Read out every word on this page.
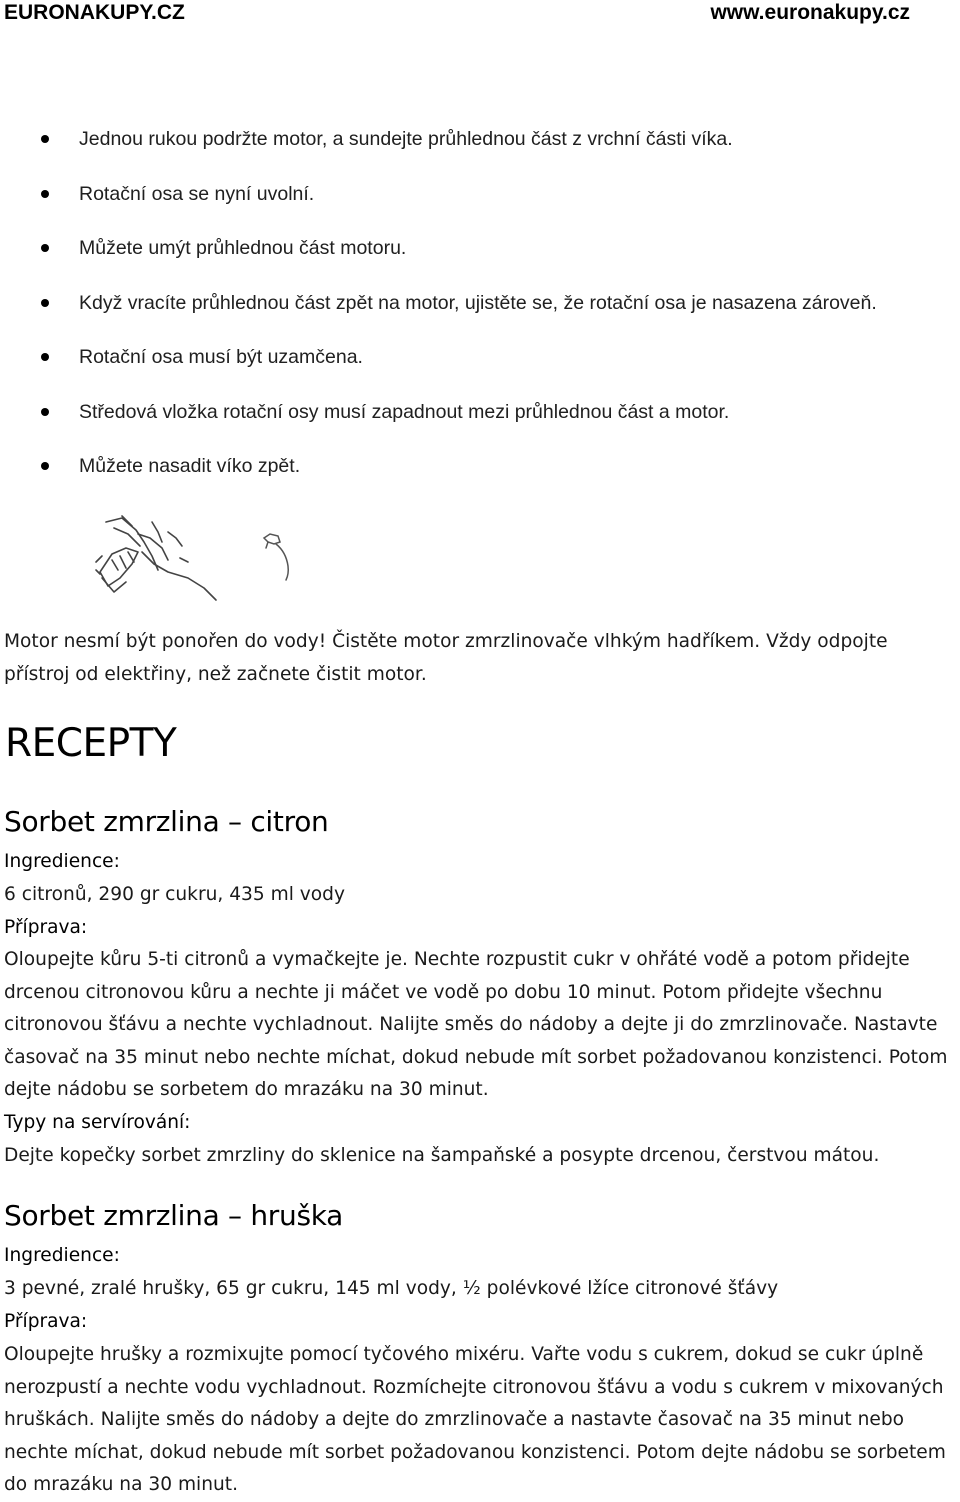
EURONAKUPY.CZ	www.euronakupy.cz
Jednou rukou podržte motor, a sundejte průhlednou část z vrchní části víka.
Rotační osa se nyní uvolní.
Můžete umýt průhlednou část motoru.
Když vracíte průhlednou část zpět na motor, ujistěte se, že rotační osa je nasazena zároveň.
Rotační osa musí být uzamčena.
Středová vložka rotační osy musí zapadnout mezi průhlednou část a motor.
Můžete nasadit víko zpět.
Motor nesmí být ponořen do vody! Čistěte motor zmrzlinovače vlhkým hadříkem. Vždy odpojte
přístroj od elektřiny, než začnete čistit motor.
RECEPTY
Sorbet zmrzlina – citron
Ingredience:
6 citronů, 290 gr cukru, 435 ml vody
Příprava:
Oloupejte kůru 5-ti citronů a vymačkejte je. Nechte rozpustit cukr v ohřáté vodě a potom přidejte
drcenou citronovou kůru a nechte ji máčet ve vodě po dobu 10 minut. Potom přidejte všechnu
citronovou šťávu a nechte vychladnout. Nalijte směs do nádoby a dejte ji do zmrzlinovače. Nastavte
časovač na 35 minut nebo nechte míchat, dokud nebude mít sorbet požadovanou konzistenci. Potom
dejte nádobu se sorbetem do mrazáku na 30 minut.
Typy na servírování:
Dejte kopečky sorbet zmrzliny do sklenice na šampaňské a posypte drcenou, čerstvou mátou.
Sorbet zmrzlina – hruška
Ingredience:
3 pevné, zralé hrušky, 65 gr cukru, 145 ml vody, ½ polévkové lžíce citronové šťávy
Příprava:
Oloupejte hrušky a rozmixujte pomocí tyčového mixéru. Vařte vodu s cukrem, dokud se cukr úplně
nerozpustí a nechte vodu vychladnout. Rozmíchejte citronovou šťávu a vodu s cukrem v mixovaných
hruškách. Nalijte směs do nádoby a dejte do zmrzlinovače a nastavte časovač na 35 minut nebo
nechte míchat, dokud nebude mít sorbet požadovanou konzistenci. Potom dejte nádobu se sorbetem
do mrazáku na 30 minut.
